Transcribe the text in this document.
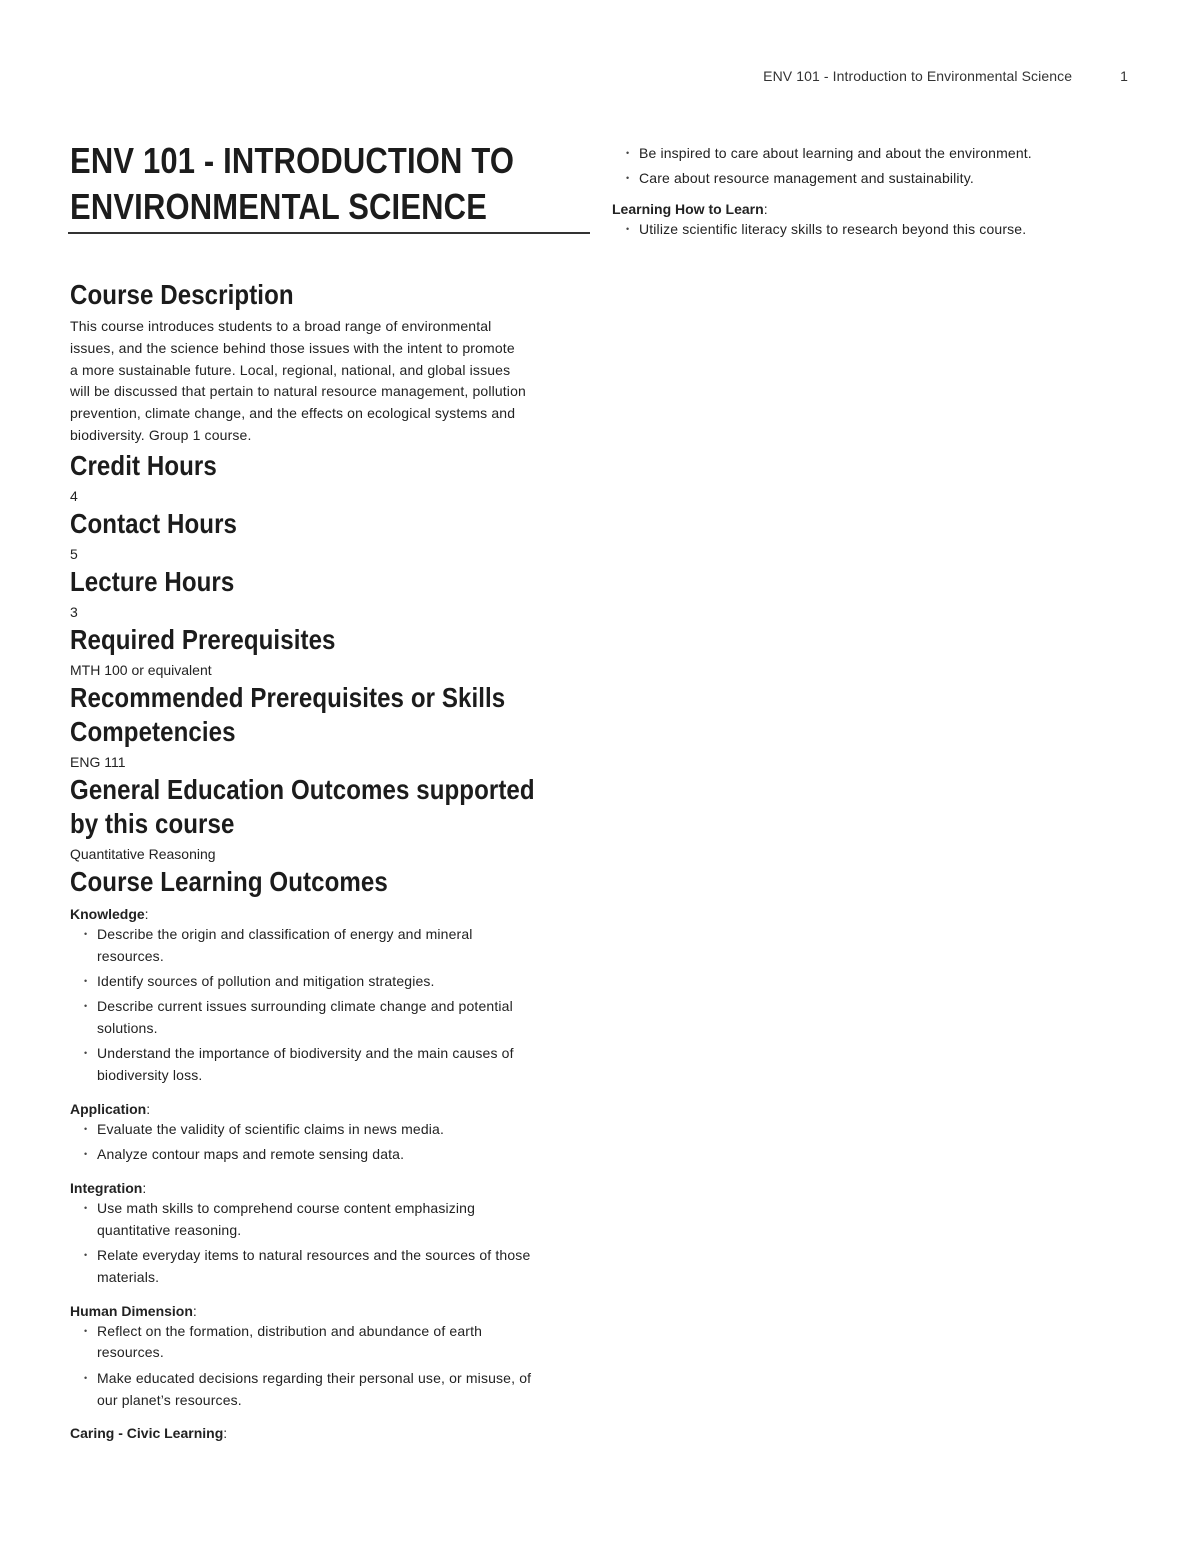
ENV 101 - Introduction to Environmental Science	1
ENV 101 - INTRODUCTION TO
ENVIRONMENTAL SCIENCE
Course Description

This course introduces students to a broad range of environmental
issues, and the science behind those issues with the intent to promote
a more sustainable future. Local, regional, national, and global issues
will be discussed that pertain to natural resource management, pollution
prevention, climate change, and the effects on ecological systems and
biodiversity. Group 1 course.

Credit Hours
4
Contact Hours
5
Lecture Hours
3
Required Prerequisites
MTH 100 or equivalent
Recommended Prerequisites or Skills
Competencies
ENG 111
General Education Outcomes supported
by this course
Quantitative Reasoning
Course Learning Outcomes
Knowledge:
• Describe the origin and classification of energy and mineral
resources.
• Identify sources of pollution and mitigation strategies.
• Describe current issues surrounding climate change and potential
solutions.
• Understand the importance of biodiversity and the main causes of
biodiversity loss.
Application:
• Evaluate the validity of scientific claims in news media.
• Analyze contour maps and remote sensing data.
Integration:
• Use math skills to comprehend course content emphasizing
quantitative reasoning.
• Relate everyday items to natural resources and the sources of those
materials.
Human Dimension:
• Reflect on the formation, distribution and abundance of earth
resources.
• Make educated decisions regarding their personal use, or misuse, of
our planet’s resources.
Caring - Civic Learning:
• Be inspired to care about learning and about the environment.
• Care about resource management and sustainability.
Learning How to Learn:
• Utilize scientific literacy skills to research beyond this course.
